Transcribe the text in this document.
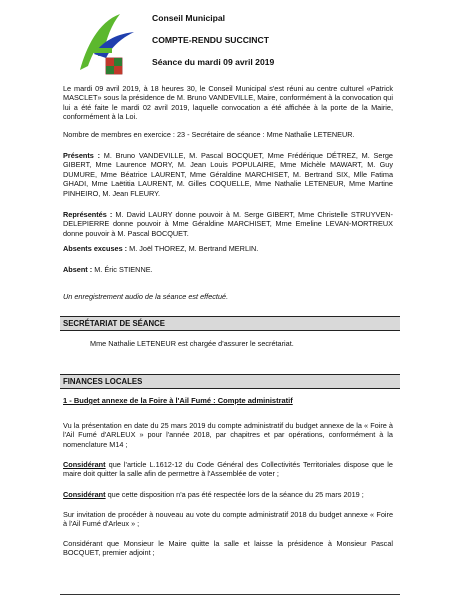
Conseil Municipal
COMPTE-RENDU SUCCINCT
Séance du mardi 09 avril 2019

Le mardi 09 avril 2019, à 18 heures 30, le Conseil Municipal s'est réuni au centre culturel «Patrick MASCLET» sous la présidence de M. Bruno VANDEVILLE, Maire, conformément à la convocation qui lui a été faite le mardi 02 avril 2019, laquelle convocation a été affichée à la porte de la Mairie, conformément à la Loi.

Nombre de membres en exercice : 23 - Secrétaire de séance : Mme Nathalie LETENEUR.

Présents : M. Bruno VANDEVILLE, M. Pascal BOCQUET, Mme Frédérique DÉTREZ, M. Serge GIBERT, Mme Laurence MORY, M. Jean Louis POPULAIRE, Mme Michèle MAWART, M. Guy DUMURE, Mme Béatrice LAURENT, Mme Géraldine MARCHISET, M. Bertrand SIX, Mlle Fatima GHADI, Mme Laëtitia LAURENT, M. Gilles COQUELLE, Mme Nathalie LETENEUR, Mme Martine PINHEIRO, M. Jean FLEURY.

Représentés : M. David LAURY donne pouvoir à M. Serge GIBERT, Mme Christelle STRUYVEN-DELEPIERRE donne pouvoir à Mme Géraldine MARCHISET, Mme Emeline LEVAN-MORTREUX donne pouvoir à M. Pascal BOCQUET.

Absents excuses : M. Joël THOREZ, M. Bertrand MERLIN.

Absent : M. Éric STIENNE.

Un enregistrement audio de la séance est effectué.

SECRÉTARIAT DE SÉANCE

Mme Nathalie LETENEUR est chargée d'assurer le secrétariat.

FINANCES LOCALES
1 - Budget annexe de la Foire à l'Ail Fumé : Compte administratif

Vu la présentation en date du 25 mars 2019 du compte administratif du budget annexe de la « Foire à l'Ail Fumé d'ARLEUX » pour l'année 2018, par chapitres et par opérations, conformément à la nomenclature M14 ;

Considérant que l'article L.1612-12 du Code Général des Collectivités Territoriales dispose que le maire doit quitter la salle afin de permettre à l'Assemblée de voter ;

Considérant que cette disposition n'a pas été respectée lors de la séance du 25 mars 2019 ;

Sur invitation de procéder à nouveau au vote du compte administratif 2018 du budget annexe « Foire à l'Ail Fumé d'Arleux » ;

Considérant que Monsieur le Maire quitte la salle et laisse la présidence à Monsieur Pascal BOCQUET, premier adjoint ;
